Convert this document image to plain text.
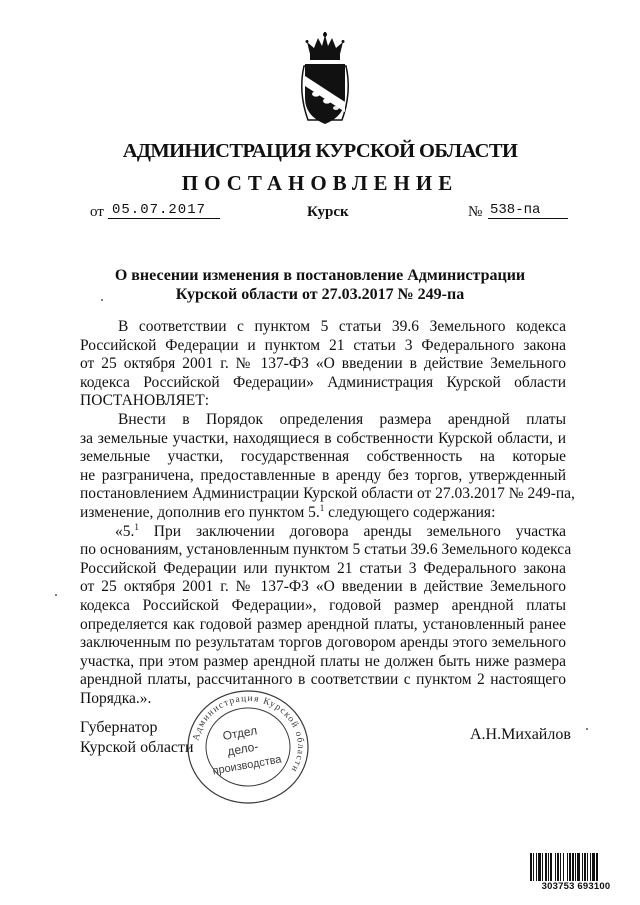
АДМИНИСТРАЦИЯ КУРСКОЙ ОБЛАСТИ
ПОСТАНОВЛЕНИЕ
от 05.07.2017	Курск	№ 538-па
О внесении изменения в постановление Администрации
Курской области от 27.03.2017 № 249-па
В соответствии с пунктом 5 статьи 39.6 Земельного кодекса
Российской Федерации и пунктом 21 статьи 3 Федерального закона
от 25 октября 2001 г. № 137-ФЗ «О введении в действие Земельного
кодекса Российской Федерации» Администрация Курской области
ПОСТАНОВЛЯЕТ:
Внести в Порядок определения размера арендной платы
за земельные участки, находящиеся в собственности Курской области, и
земельные участки, государственная собственность на которые
не разграничена, предоставленные в аренду без торгов, утвержденный
постановлением Администрации Курской области от 27.03.2017 № 249-па,
изменение, дополнив его пунктом 5.$^1$ следующего содержания:
«5.$^1$ При заключении договора аренды земельного участка
по основаниям, установленным пунктом 5 статьи 39.6 Земельного кодекса
Российской Федерации или пунктом 21 статьи 3 Федерального закона
от 25 октября 2001 г. № 137-ФЗ «О введении в действие Земельного
кодекса Российской Федерации», годовой размер арендной платы
определяется как годовой размер арендной платы, установленный ранее
заключенным по результатам торгов договором аренды этого земельного
участка, при этом размер арендной платы не должен быть ниже размера
арендной платы, рассчитанного в соответствии с пунктом 2 настоящего
Порядка.».
Губернатор
Курской области
А.Н.Михайлов
Администрация Курской области
Отдел
дело-
производства
303753 693100
